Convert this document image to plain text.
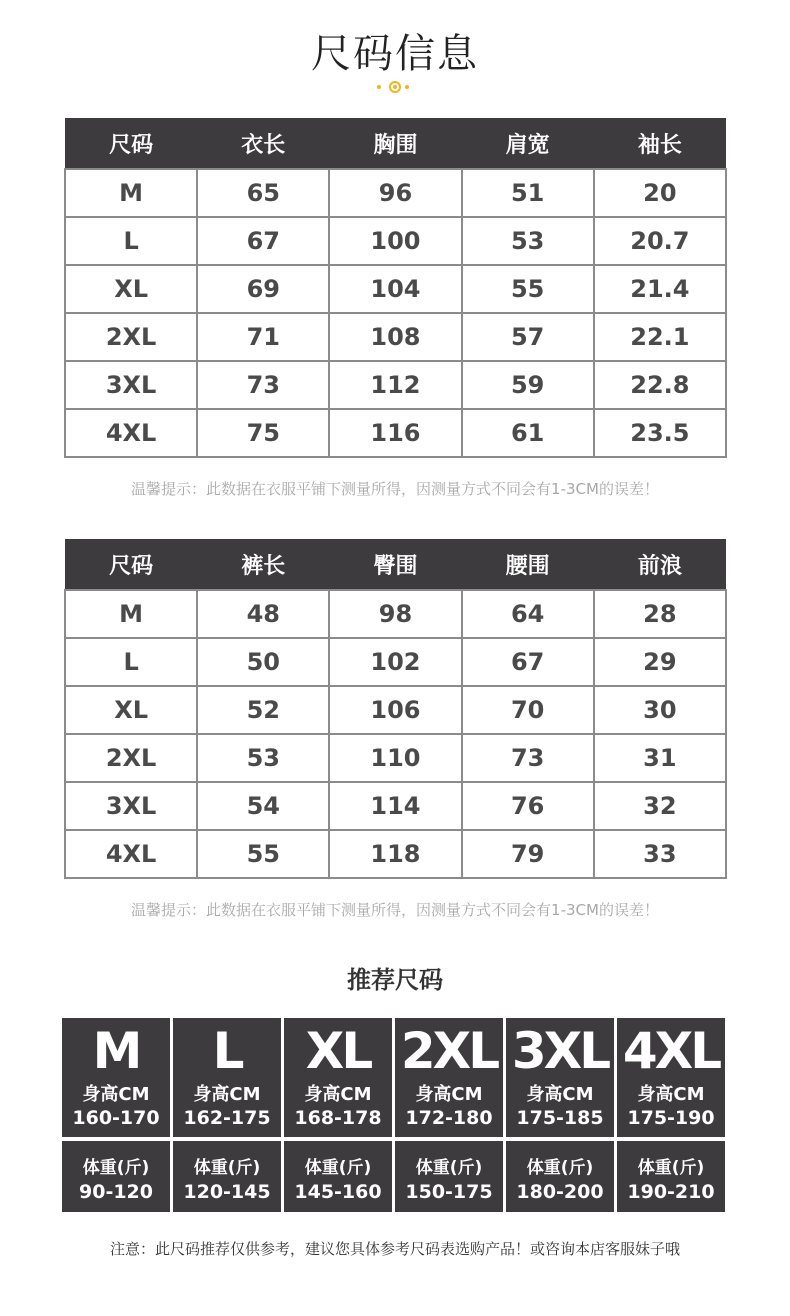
尺码信息
尺码	衣长	胸围	肩宽	袖长
M	65	96	51	20
L	67	100	53	20.7
XL	69	104	55	21.4
2XL	71	108	57	22.1
3XL	73	112	59	22.8
4XL	75	116	61	23.5
温馨提示：此数据在衣服平铺下测量所得，因测量方式不同会有1-3CM的误差！
尺码	裤长	臀围	腰围	前浪
M	48	98	64	28
L	50	102	67	29
XL	52	106	70	30
2XL	53	110	73	31
3XL	54	114	76	32
4XL	55	118	79	33
温馨提示：此数据在衣服平铺下测量所得，因测量方式不同会有1-3CM的误差！
推荐尺码
M
身高CM
160-170
体重(斤)
90-120
L
身高CM
162-175
体重(斤)
120-145
XL
身高CM
168-178
体重(斤)
145-160
2XL
身高CM
172-180
体重(斤)
150-175
3XL
身高CM
175-185
体重(斤)
180-200
4XL
身高CM
175-190
体重(斤)
190-210
注意：此尺码推荐仅供参考，建议您具体参考尺码表选购产品！或咨询本店客服妹子哦
